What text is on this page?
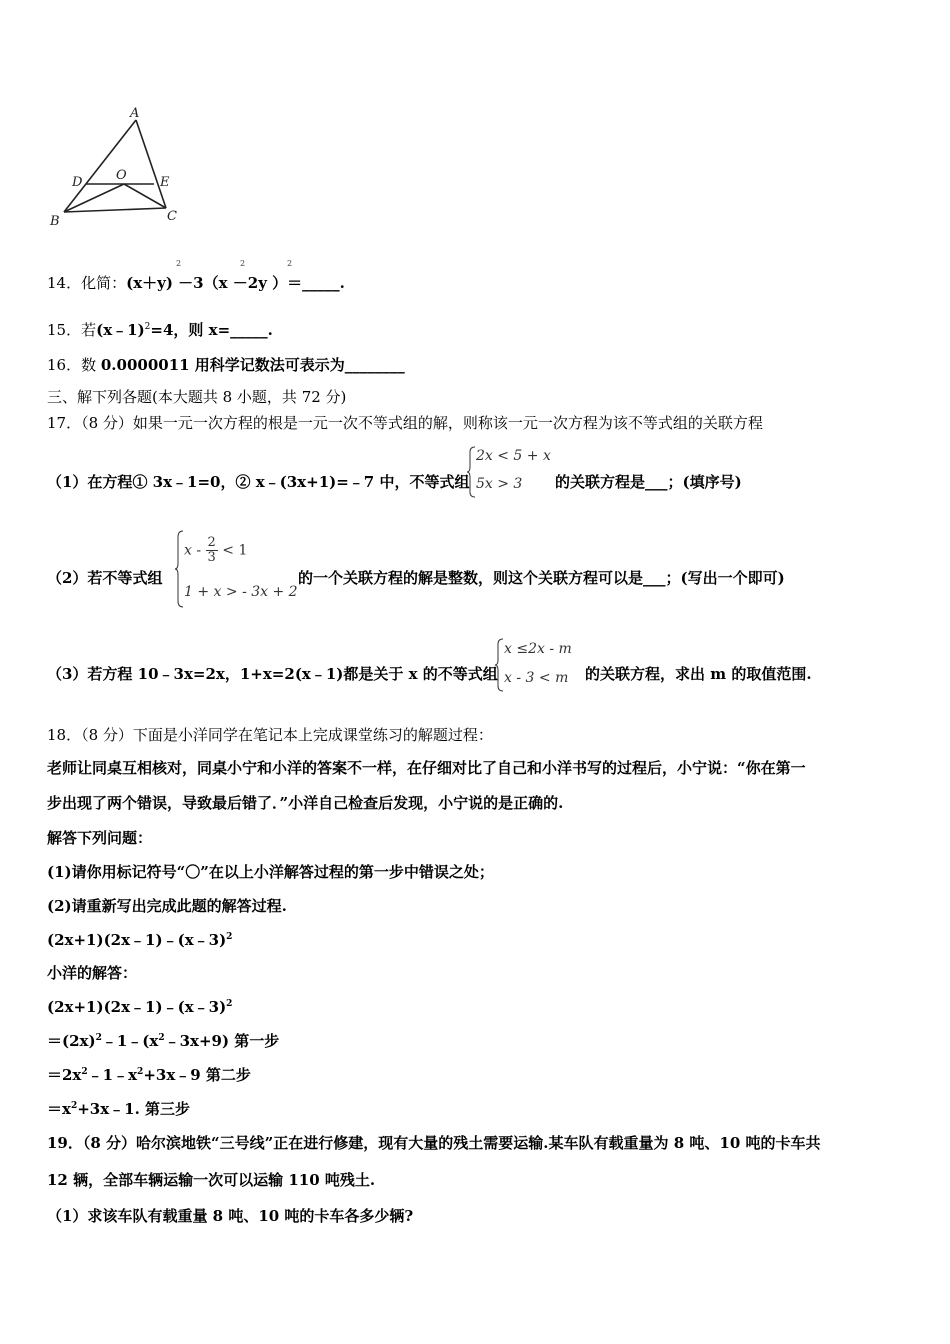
A
D	O	E
B	C
14．化简：(x＋y) －3（x －2y ）＝_____.
2	2	2
15．若(x﹣1)$^2$=4，则 x=_____.
16．数 0.0000011 用科学记数法可表示为________
三、解下列各题(本大题共 8 小题，共 72 分)
17．（8 分）如果一元一次方程的根是一元一次不等式组的解，则称该一元一次方程为该不等式组的关联方程
（1）在方程① 3x﹣1=0，② x﹣(3x+1)=﹣7 中，不等式组
2x < 5 + x
5x > 3 的关联方程是___；(填序号)
（2）若不等式组
$x - \frac{2}{3} < 1$
1 + x > - 3x + 2
的一个关联方程的解是整数，则这个关联方程可以是___；(写出一个即可)
（3）若方程 10﹣3x=2x，1+x=2(x﹣1)都是关于 x 的不等式组
x ≤2x - m
x - 3 < m 的关联方程，求出 m 的取值范围.
18．（8 分）下面是小洋同学在笔记本上完成课堂练习的解题过程：
老师让同桌互相核对，同桌小宁和小洋的答案不一样，在仔细对比了自己和小洋书写的过程后，小宁说：“你在第一
步出现了两个错误，导致最后错了．”小洋自己检查后发现，小宁说的是正确的.
解答下列问题：
(1)请你用标记符号“〇”在以上小洋解答过程的第一步中错误之处；
(2)请重新写出完成此题的解答过程.
(2x+1)(2x﹣1)﹣(x﹣3)$^2$
小洋的解答：
(2x+1)(2x﹣1)﹣(x﹣3)$^2$
$=(2x)^2﹣1﹣(x^2﹣3x+9)$ 第一步
$=2x^2﹣1﹣x^2+3x﹣9$ 第二步
$=x^2+3x﹣1$. 第三步
19．（8 分）哈尔滨地铁“三号线”正在进行修建，现有大量的残土需要运输.某车队有载重量为 8 吨、10 吨的卡车共
12 辆，全部车辆运输一次可以运输 110 吨残土.
（1）求该车队有载重量 8 吨、10 吨的卡车各多少辆?
